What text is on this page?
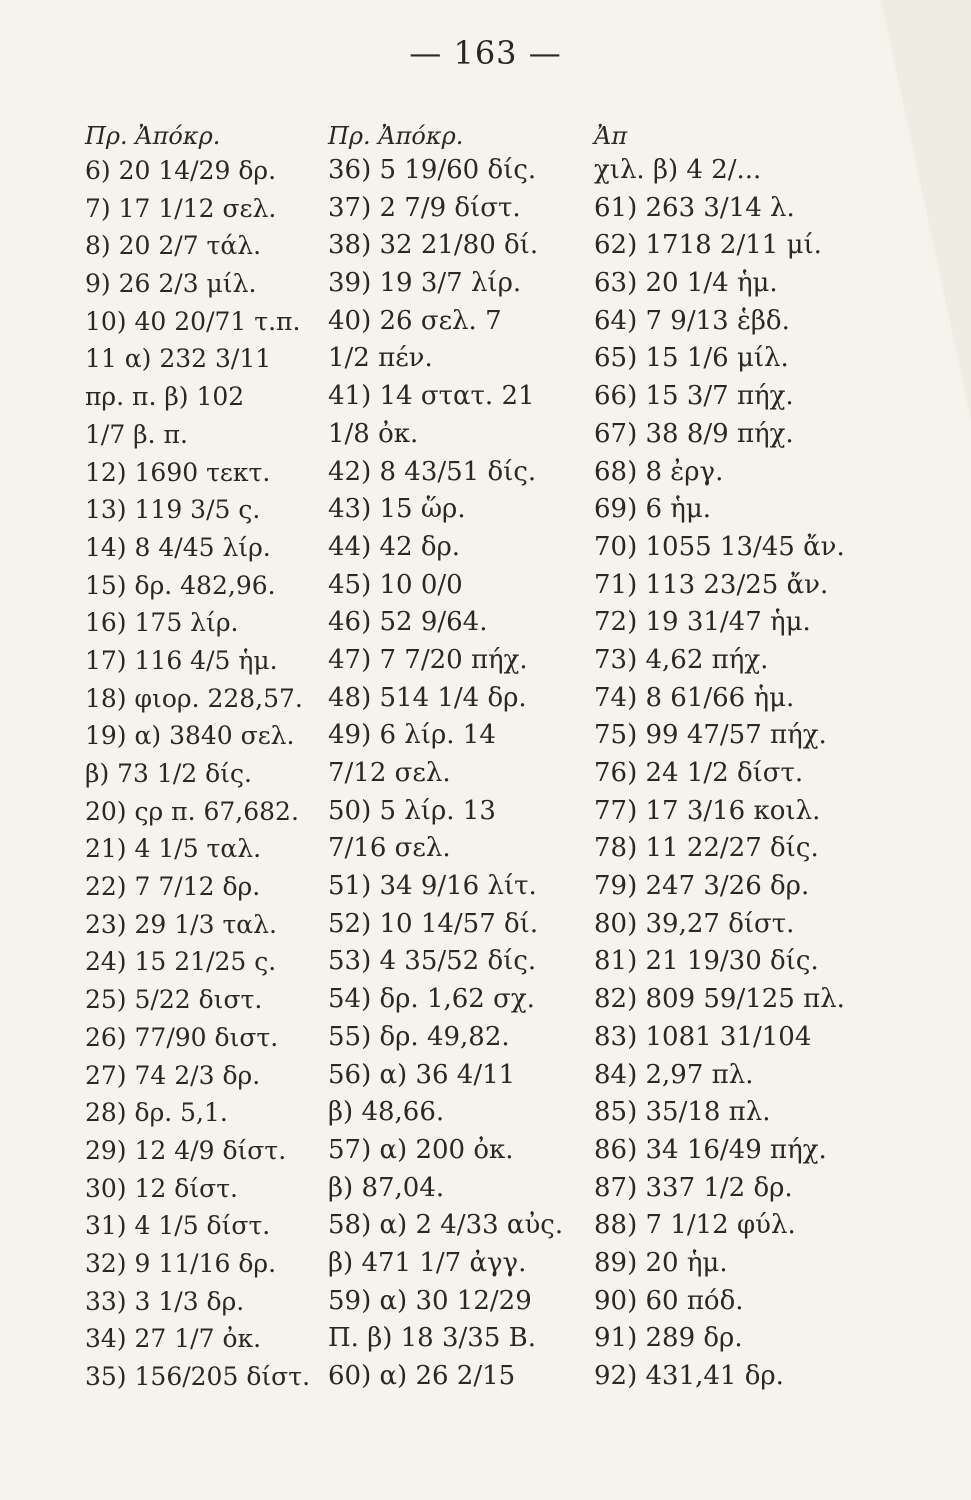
— 163 —
Πρ. Ἀπόκρ.
6) 20 14/29 δρ.
7) 17 1/12 σελ.
8) 20 2/7 τάλ.
9) 26 2/3 μίλ.
10) 40 20/71 τ.π.
11 α) 232 3/11
πρ. π. β) 102
1/7 β. π.
12) 1690 τεκτ.
13) 119 3/5 ς.
14) 8 4/45 λίρ.
15) δρ. 482,96.
16) 175 λίρ.
17) 116 4/5 ἡμ.
18) φιορ. 228,57.
19) α) 3840 σελ.
β) 73 1/2 δίς.
20) ςρ π. 67,682.
21) 4 1/5 ταλ.
22) 7 7/12 δρ.
23) 29 1/3 ταλ.
24) 15 21/25 ς.
25) 5/22 διστ.
26) 77/90 διστ.
27) 74 2/3 δρ.
28) δρ. 5,1.
29) 12 4/9 δίστ.
30) 12 δίστ.
31) 4 1/5 δίστ.
32) 9 11/16 δρ.
33) 3 1/3 δρ.
34) 27 1/7 ὀκ.
35) 156/205 δίστ.
Πρ. Ἀπόκρ.
36) 5 19/60 δίς.
37) 2 7/9 δίστ.
38) 32 21/80 δί.
39) 19 3/7 λίρ.
40) 26 σελ. 7
1/2 πέν.
41) 14 στατ. 21
1/8 ὀκ.
42) 8 43/51 δίς.
43) 15 ὥρ.
44) 42 δρ.
45) 10 0/0
46) 52 9/64.
47) 7 7/20 πήχ.
48) 514 1/4 δρ.
49) 6 λίρ. 14
7/12 σελ.
50) 5 λίρ. 13
7/16 σελ.
51) 34 9/16 λίτ.
52) 10 14/57 δί.
53) 4 35/52 δίς.
54) δρ. 1,62 σχ.
55) δρ. 49,82.
56) α) 36 4/11
β) 48,66.
57) α) 200 ὀκ.
β) 87,04.
58) α) 2 4/33 αὐς.
β) 471 1/7 ἀγγ.
59) α) 30 12/29
Π. β) 18 3/35 Β.
60) α) 26 2/15
Ἀπ
χιλ. β) 4 2/...
61) 263 3/14 λ.
62) 1718 2/11 μί.
63) 20 1/4 ἡμ.
64) 7 9/13 ἑβδ.
65) 15 1/6 μίλ.
66) 15 3/7 πήχ.
67) 38 8/9 πήχ.
68) 8 ἐργ.
69) 6 ἡμ.
70) 1055 13/45 ἄν.
71) 113 23/25 ἄν.
72) 19 31/47 ἡμ.
73) 4,62 πήχ.
74) 8 61/66 ἡμ.
75) 99 47/57 πήχ.
76) 24 1/2 δίστ.
77) 17 3/16 κοιλ.
78) 11 22/27 δίς.
79) 247 3/26 δρ.
80) 39,27 δίστ.
81) 21 19/30 δίς.
82) 809 59/125 πλ.
83) 1081 31/104
84) 2,97 πλ.
85) 35/18 πλ.
86) 34 16/49 πήχ.
87) 337 1/2 δρ.
88) 7 1/12 φύλ.
89) 20 ἡμ.
90) 60 πόδ.
91) 289 δρ.
92) 431,41 δρ.
